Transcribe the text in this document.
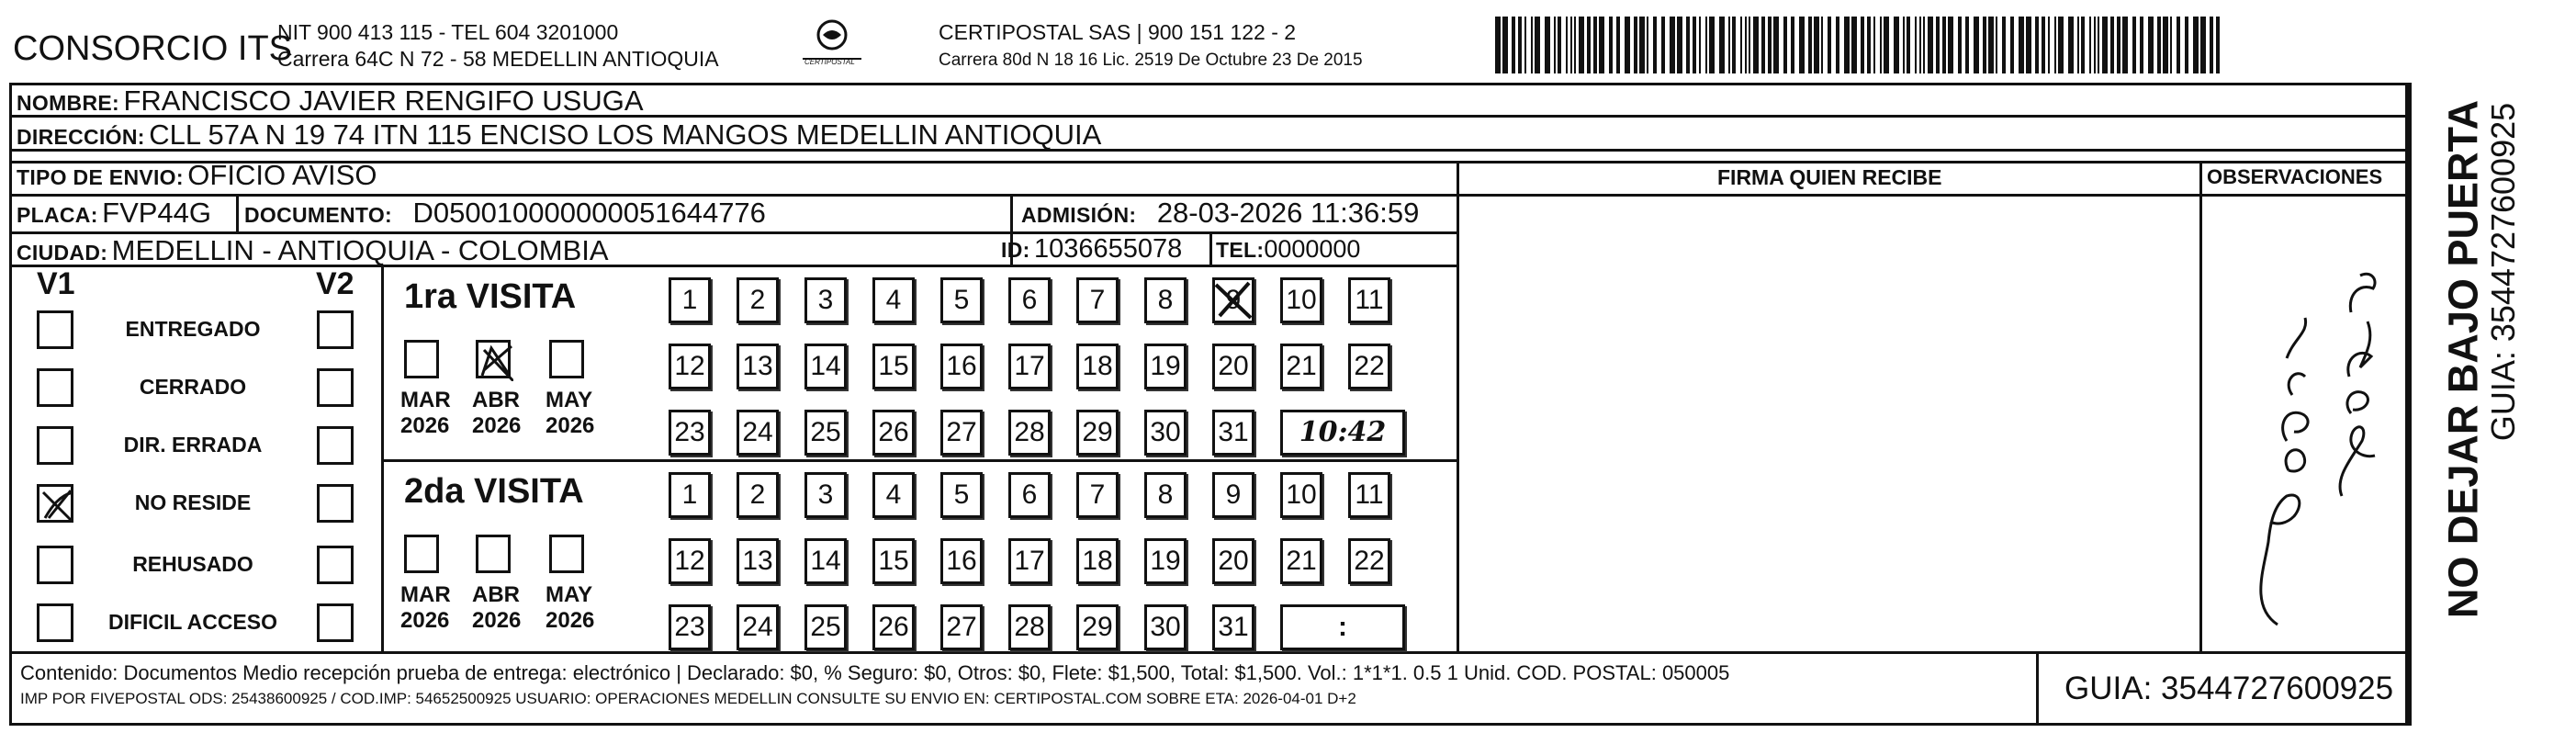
CONSORCIO ITS
NIT 900 413 115 - TEL 604 3201000
Carrera 64C N 72 - 58 MEDELLIN ANTIOQUIA	CERTIPOSTAL
CERTIPOSTAL SAS | 900 151 122 - 2
Carrera 80d N 18 16 Lic. 2519 De Octubre 23 De 2015
NOMBRE: FRANCISCO JAVIER RENGIFO USUGA
DIRECCIÓN: CLL 57A N 19 74 ITN 115 ENCISO LOS MANGOS MEDELLIN ANTIOQUIA
TIPO DE ENVIO: OFICIO AVISO	FIRMA QUIEN RECIBE	OBSERVACIONES
PLACA: FVP44G DOCUMENTO: D050010000000051644776	ADMISIÓN: 28-03-2026 11:36:59
CIUDAD: MEDELLIN - ANTIOQUIA - COLOMBIA	ID: 1036655078 TEL:0000000
V1	V2
ENTREGADO
CERRADO
DIR. ERRADA
NO RESIDE
REHUSADO
DIFICIL ACCESO
1ra VISITA
MAR
2026
ABR
2026
MAY
2026
1	2	3	4	5	6	7	8	9	10 11
12 13 14 15 16 17 18 19 20 21 22
23 24 25 26 27 28 29 30 31	10:42
2da VISITA
MAR
2026
ABR
2026
MAY
2026
1	2	3	4	5	6	7	8	9	10 11
12 13 14 15 16 17 18 19 20 21 22
23 24 25 26 27 28 29 30 31	:
NO DEJAR BAJO PUERTA
GUIA: 3544727600925
Contenido: Documentos Medio recepción prueba de entrega: electrónico | Declarado: $0, % Seguro: $0, Otros: $0, Flete: $1,500, Total: $1,500. Vol.: 1*1*1. 0.5 1 Unid. COD. POSTAL: 050005
IMP POR FIVEPOSTAL ODS: 25438600925 / COD.IMP: 54652500925 USUARIO: OPERACIONES MEDELLIN CONSULTE SU ENVIO EN: CERTIPOSTAL.COM SOBRE ETA: 2026-04-01 D+2	GUIA: 3544727600925
